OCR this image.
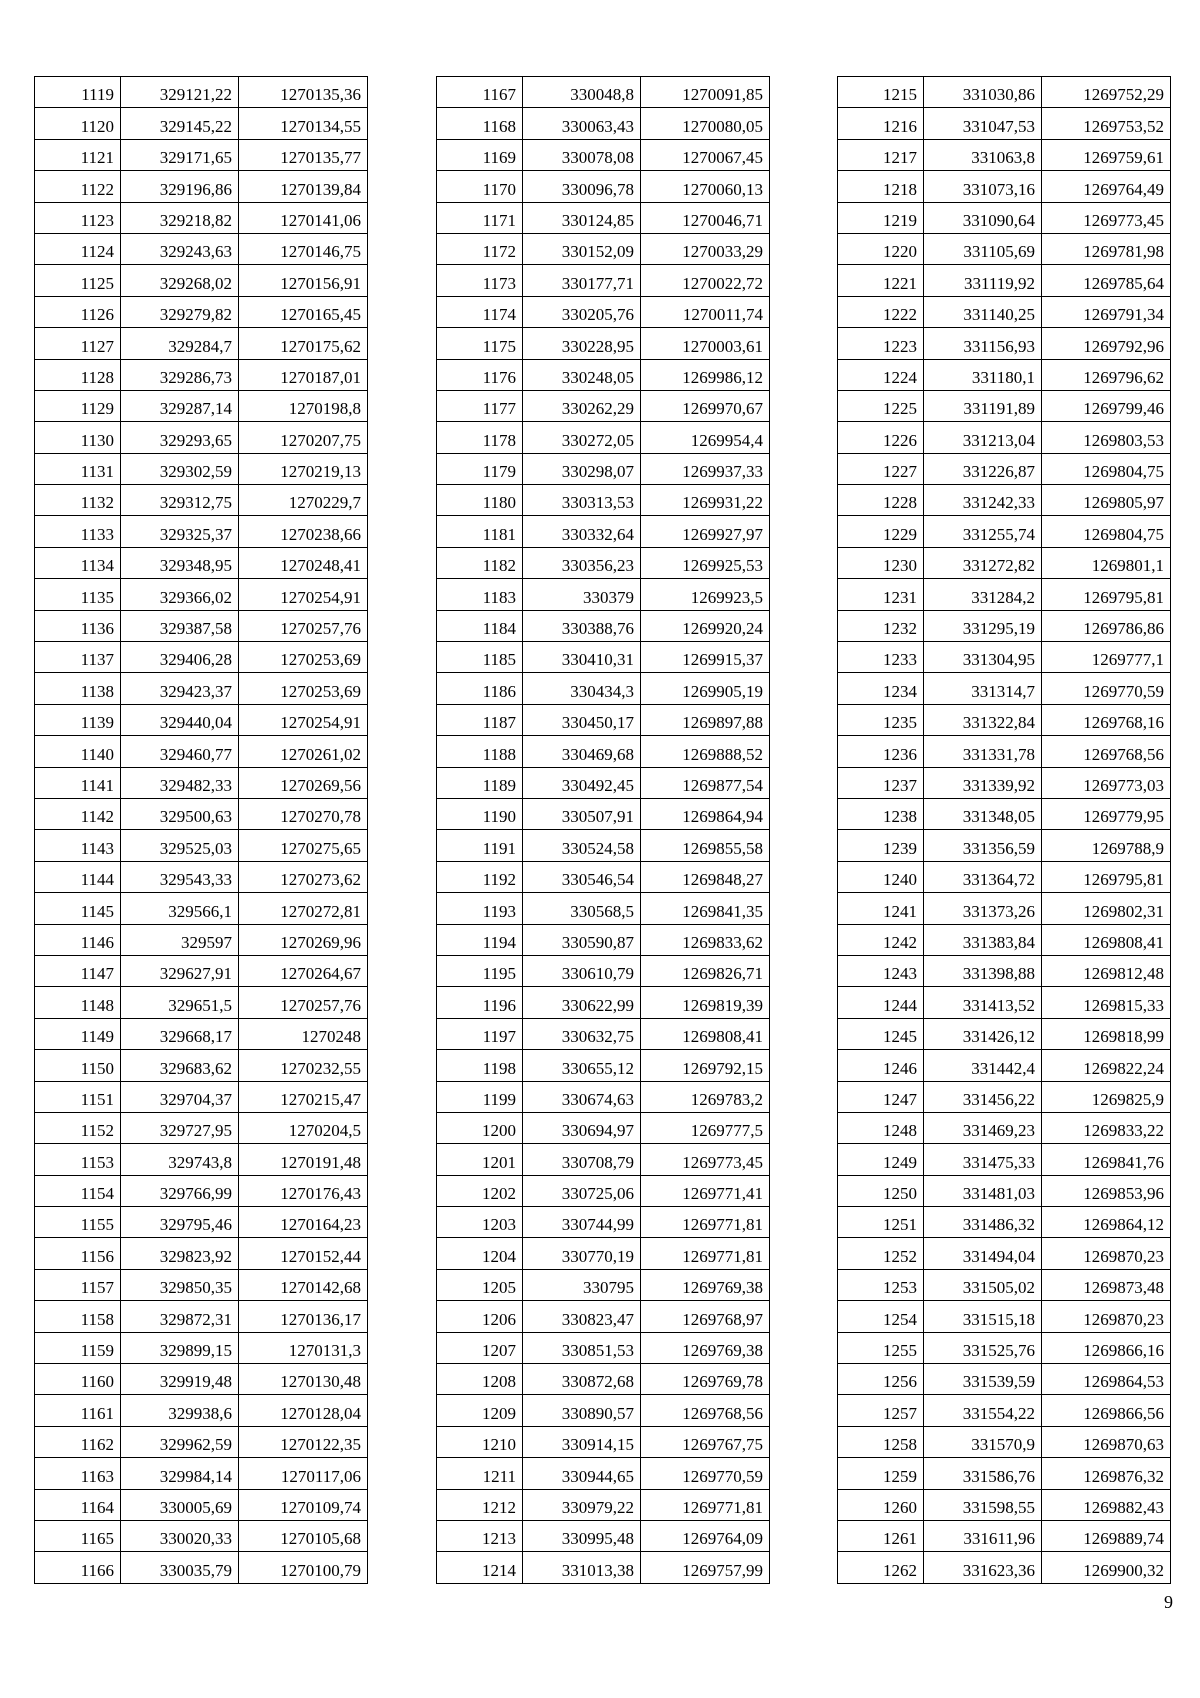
1119	329121,22	1270135,36
1120	329145,22	1270134,55
1121	329171,65	1270135,77
1122	329196,86	1270139,84
1123	329218,82	1270141,06
1124	329243,63	1270146,75
1125	329268,02	1270156,91
1126	329279,82	1270165,45
1127	329284,7	1270175,62
1128	329286,73	1270187,01
1129	329287,14	1270198,8
1130	329293,65	1270207,75
1131	329302,59	1270219,13
1132	329312,75	1270229,7
1133	329325,37	1270238,66
1134	329348,95	1270248,41
1135	329366,02	1270254,91
1136	329387,58	1270257,76
1137	329406,28	1270253,69
1138	329423,37	1270253,69
1139	329440,04	1270254,91
1140	329460,77	1270261,02
1141	329482,33	1270269,56
1142	329500,63	1270270,78
1143	329525,03	1270275,65
1144	329543,33	1270273,62
1145	329566,1	1270272,81
1146	329597	1270269,96
1147	329627,91	1270264,67
1148	329651,5	1270257,76
1149	329668,17	1270248
1150	329683,62	1270232,55
1151	329704,37	1270215,47
1152	329727,95	1270204,5
1153	329743,8	1270191,48
1154	329766,99	1270176,43
1155	329795,46	1270164,23
1156	329823,92	1270152,44
1157	329850,35	1270142,68
1158	329872,31	1270136,17
1159	329899,15	1270131,3
1160	329919,48	1270130,48
1161	329938,6	1270128,04
1162	329962,59	1270122,35
1163	329984,14	1270117,06
1164	330005,69	1270109,74
1165	330020,33	1270105,68
1166	330035,79	1270100,79
1167	330048,8	1270091,85
1168	330063,43	1270080,05
1169	330078,08	1270067,45
1170	330096,78	1270060,13
1171	330124,85	1270046,71
1172	330152,09	1270033,29
1173	330177,71	1270022,72
1174	330205,76	1270011,74
1175	330228,95	1270003,61
1176	330248,05	1269986,12
1177	330262,29	1269970,67
1178	330272,05	1269954,4
1179	330298,07	1269937,33
1180	330313,53	1269931,22
1181	330332,64	1269927,97
1182	330356,23	1269925,53
1183	330379	1269923,5
1184	330388,76	1269920,24
1185	330410,31	1269915,37
1186	330434,3	1269905,19
1187	330450,17	1269897,88
1188	330469,68	1269888,52
1189	330492,45	1269877,54
1190	330507,91	1269864,94
1191	330524,58	1269855,58
1192	330546,54	1269848,27
1193	330568,5	1269841,35
1194	330590,87	1269833,62
1195	330610,79	1269826,71
1196	330622,99	1269819,39
1197	330632,75	1269808,41
1198	330655,12	1269792,15
1199	330674,63	1269783,2
1200	330694,97	1269777,5
1201	330708,79	1269773,45
1202	330725,06	1269771,41
1203	330744,99	1269771,81
1204	330770,19	1269771,81
1205	330795	1269769,38
1206	330823,47	1269768,97
1207	330851,53	1269769,38
1208	330872,68	1269769,78
1209	330890,57	1269768,56
1210	330914,15	1269767,75
1211	330944,65	1269770,59
1212	330979,22	1269771,81
1213	330995,48	1269764,09
1214	331013,38	1269757,99
1215	331030,86	1269752,29
1216	331047,53	1269753,52
1217	331063,8	1269759,61
1218	331073,16	1269764,49
1219	331090,64	1269773,45
1220	331105,69	1269781,98
1221	331119,92	1269785,64
1222	331140,25	1269791,34
1223	331156,93	1269792,96
1224	331180,1	1269796,62
1225	331191,89	1269799,46
1226	331213,04	1269803,53
1227	331226,87	1269804,75
1228	331242,33	1269805,97
1229	331255,74	1269804,75
1230	331272,82	1269801,1
1231	331284,2	1269795,81
1232	331295,19	1269786,86
1233	331304,95	1269777,1
1234	331314,7	1269770,59
1235	331322,84	1269768,16
1236	331331,78	1269768,56
1237	331339,92	1269773,03
1238	331348,05	1269779,95
1239	331356,59	1269788,9
1240	331364,72	1269795,81
1241	331373,26	1269802,31
1242	331383,84	1269808,41
1243	331398,88	1269812,48
1244	331413,52	1269815,33
1245	331426,12	1269818,99
1246	331442,4	1269822,24
1247	331456,22	1269825,9
1248	331469,23	1269833,22
1249	331475,33	1269841,76
1250	331481,03	1269853,96
1251	331486,32	1269864,12
1252	331494,04	1269870,23
1253	331505,02	1269873,48
1254	331515,18	1269870,23
1255	331525,76	1269866,16
1256	331539,59	1269864,53
1257	331554,22	1269866,56
1258	331570,9	1269870,63
1259	331586,76	1269876,32
1260	331598,55	1269882,43
1261	331611,96	1269889,74
1262	331623,36	1269900,32
9
